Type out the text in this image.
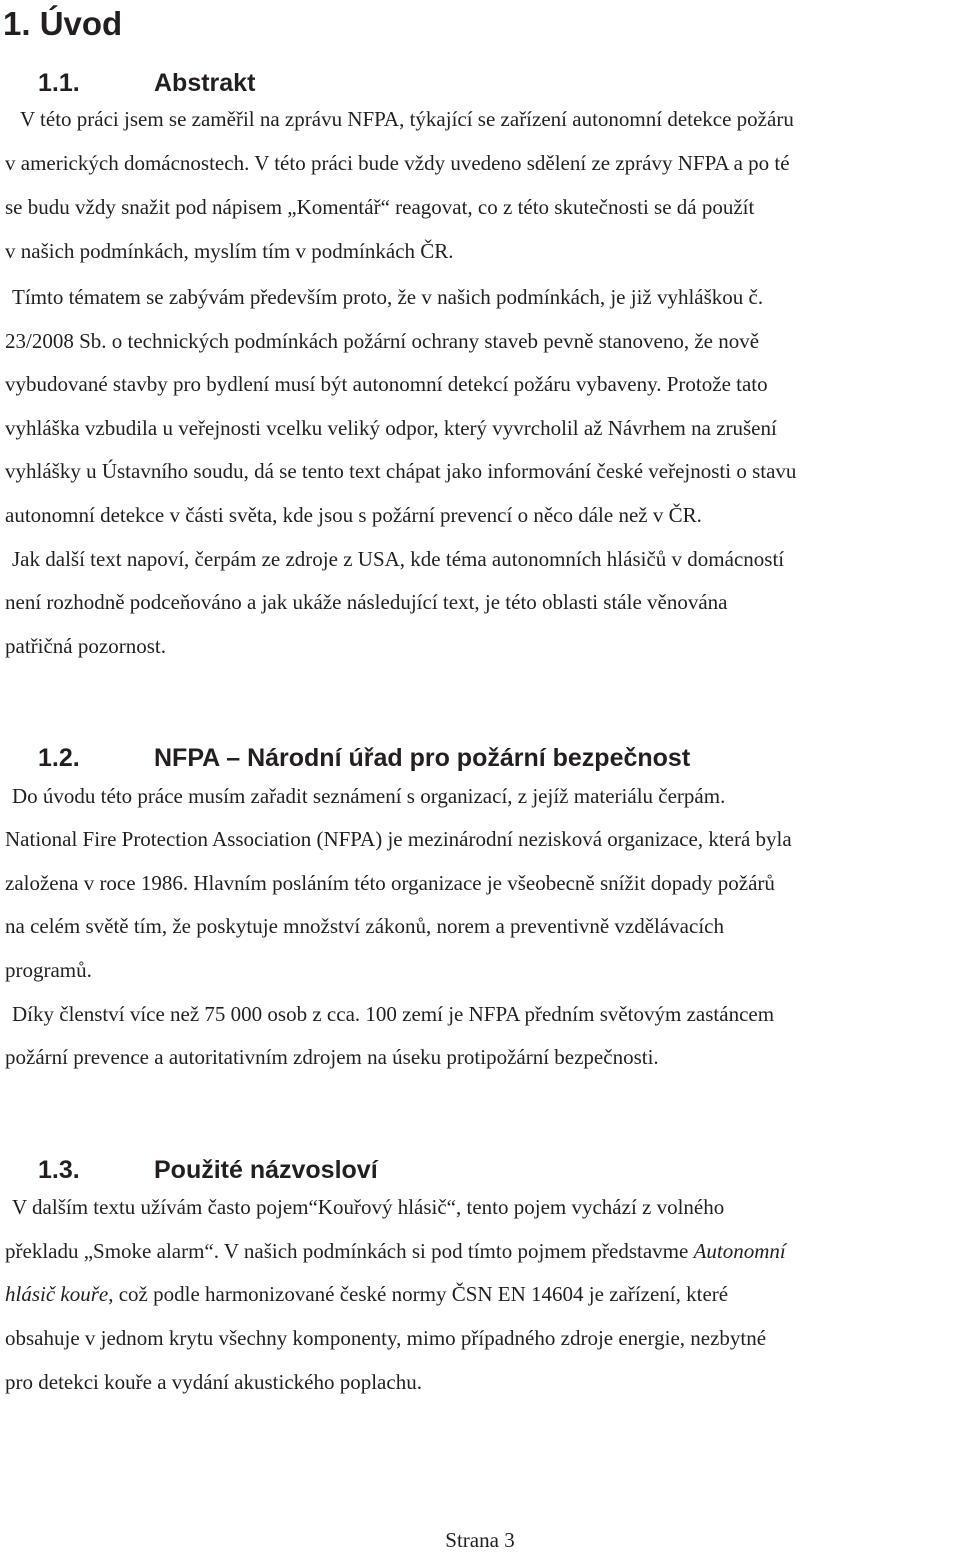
1. Úvod
1.1.	Abstrakt

V této práci jsem se zaměřil na zprávu NFPA, týkající se zařízení autonomní detekce požáru

v amerických domácnostech. V této práci bude vždy uvedeno sdělení ze zprávy NFPA a po té

se budu vždy snažit pod nápisem „Komentář“ reagovat, co z této skutečnosti se dá použít

v našich podmínkách, myslím tím v podmínkách ČR.

Tímto tématem se zabývám především proto, že v našich podmínkách, je již vyhláškou č.

23/2008 Sb. o technických podmínkách požární ochrany staveb pevně stanoveno, že nově

vybudované stavby pro bydlení musí být autonomní detekcí požáru vybaveny. Protože tato

vyhláška vzbudila u veřejnosti vcelku veliký odpor, který vyvrcholil až Návrhem na zrušení

vyhlášky u Ústavního soudu, dá se tento text chápat jako informování české veřejnosti o stavu

autonomní detekce v části světa, kde jsou s požární prevencí o něco dále než v ČR.

Jak další text napoví, čerpám ze zdroje z USA, kde téma autonomních hlásičů v domácností

není rozhodně podceňováno a jak ukáže následující text, je této oblasti stále věnována

patřičná pozornost.

1.2.	NFPA – Národní úřad pro požární bezpečnost

Do úvodu této práce musím zařadit seznámení s organizací, z jejíž materiálu čerpám.

National Fire Protection Association (NFPA) je mezinárodní nezisková organizace, která byla

založena v roce 1986. Hlavním posláním této organizace je všeobecně snížit dopady požárů

na celém světě tím, že poskytuje množství zákonů, norem a preventivně vzdělávacích

programů.

Díky členství více než 75 000 osob z cca. 100 zemí je NFPA předním světovým zastáncem

požární prevence a autoritativním zdrojem na úseku protipožární bezpečnosti.

1.3.	Použité názvosloví

V dalším textu užívám často pojem“Kouřový hlásič“, tento pojem vychází z volného

překladu „Smoke alarm“. V našich podmínkách si pod tímto pojmem představme Autonomní

hlásič kouře, což podle harmonizované české normy ČSN EN 14604 je zařízení, které

obsahuje v jednom krytu všechny komponenty, mimo případného zdroje energie, nezbytné

pro detekci kouře a vydání akustického poplachu.

Strana 3
